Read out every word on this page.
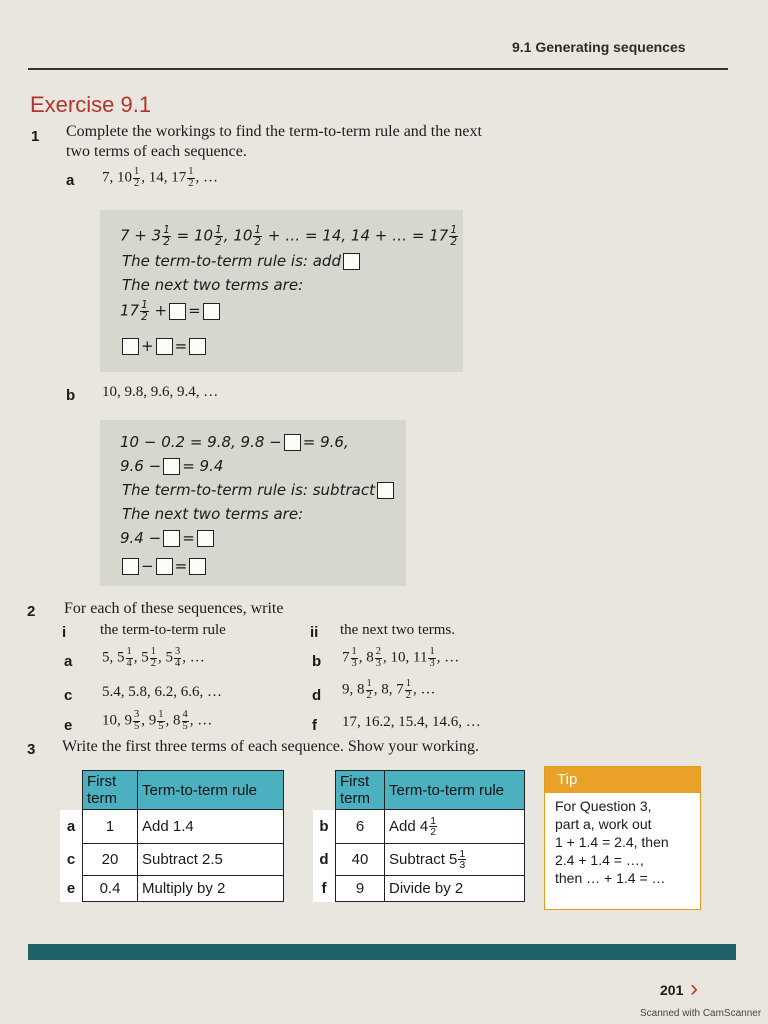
9.1 Generating sequences
Exercise 9.1
1 Complete the workings to find the term-to-term rule and the next
two terms of each sequence.
a 7, $10 \frac{1}{2}$ , 14, $17 \frac{1}{2}$ , …
$7 + 3 \frac{1}{2} = 10 \frac{1}{2}$ , $10 \frac{1}{2}$ + … = 14, 14 + … = $17 \frac{1}{2}$
The term-to-term rule is: add
The next two terms are:
$17 \frac{1}{2}$ + =
+ =
b 10, 9.8, 9.6, 9.4, …
10 − 0.2 = 9.8, 9.8 − = 9.6,
9.6 − = 9.4
The term-to-term rule is: subtract
The next two terms are:
9.4 − =
− =
2 For each of these sequences, write
i the term-to-term rule	ii the next two terms.
a 5, $5 \frac{1}{4}$ , $5 \frac{1}{2}$ , $5 \frac{3}{4}$ , …	b $7 \frac{1}{3}$ , $8 \frac{2}{3}$ , 10, $11 \frac{1}{3}$ , …
c 5.4, 5.8, 6.2, 6.6, …	d 9, $8 \frac{1}{2}$ , 8, $7 \frac{1}{2}$ , …
e 10, $9 \frac{3}{5}$ , $9 \frac{1}{5}$ , $8 \frac{4}{5}$ , …	f 17, 16.2, 15.4, 14.6, …
3 Write the first three terms of each sequence. Show your working.
	First
term	Term-to-term rule
a	1	Add 1.4
c	20	Subtract 2.5
e	0.4	Multiply by 2
	First
term	Term-to-term rule
b	6	Add $4 \frac{1}{2}$

d	40	Subtract $5 \frac{1}{3}$

f	9	Divide by 2
Tip
For Question 3,
part a, work out
1 + 1.4 = 2.4, then
2.4 + 1.4 = …,
then … + 1.4 = …
201 ›
Scanned with CamScanner
